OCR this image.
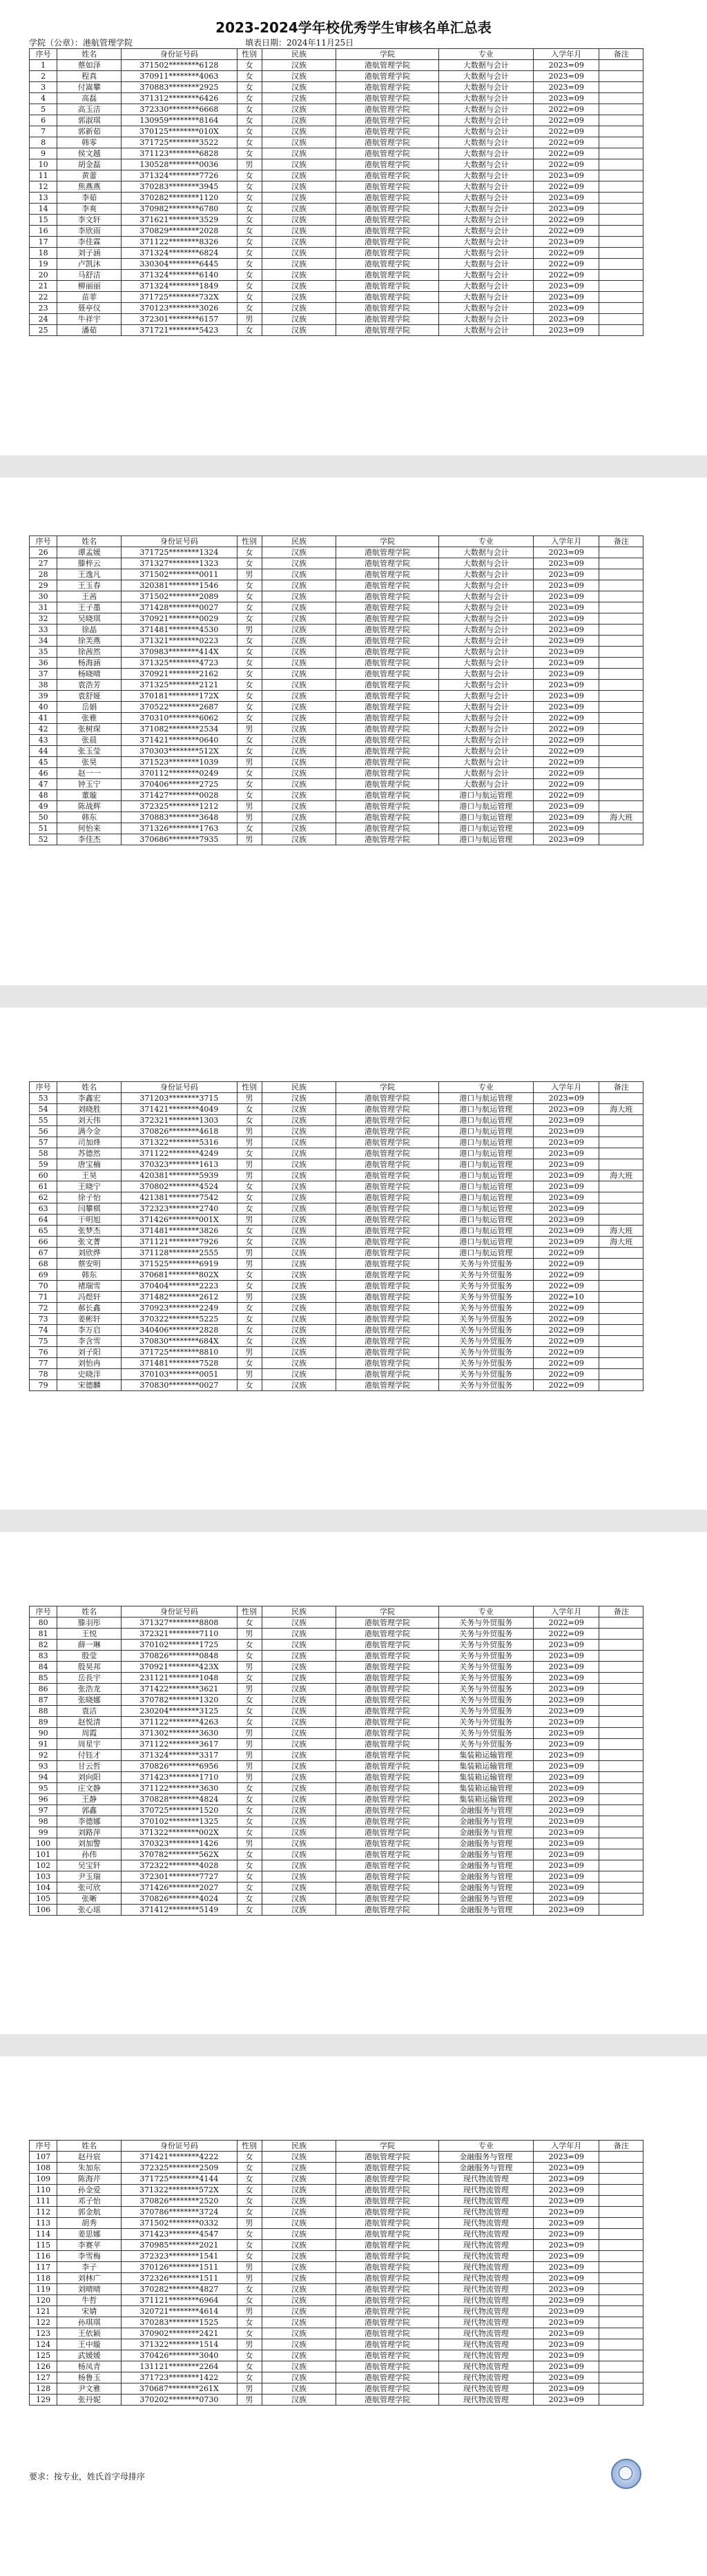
2023-2024学年校优秀学生审核名单汇总表
学院（公章）：港航管理学院	填表日期：2024年11月25日
序号	姓名	身份证号码	性别	民族	学院	专业	入学年月	备注
1	蔡如泽	371502********6128	女	汉族	港航管理学院	大数据与会计	2023=09	
2	程真	370911********4063	女	汉族	港航管理学院	大数据与会计	2023=09	
3	付嵩攀	370883********2925	女	汉族	港航管理学院	大数据与会计	2023=09	
4	高磊	371312********6426	女	汉族	港航管理学院	大数据与会计	2023=09	
5	高玉洁	372330********6668	女	汉族	港航管理学院	大数据与会计	2022=09	
6	郭淑琪	130959********8164	女	汉族	港航管理学院	大数据与会计	2022=09	
7	郭新茹	370125********010X	女	汉族	港航管理学院	大数据与会计	2022=09	
8	韩零	371725********3522	女	汉族	港航管理学院	大数据与会计	2022=09	
9	侯文越	371123********6828	女	汉族	港航管理学院	大数据与会计	2022=09	
10	胡金磊	130528********0036	男	汉族	港航管理学院	大数据与会计	2022=09	
11	黄蕾	371324********7726	女	汉族	港航管理学院	大数据与会计	2023=09	
12	焦燕燕	370283********3945	女	汉族	港航管理学院	大数据与会计	2022=09	
13	李茹	370282********1120	女	汉族	港航管理学院	大数据与会计	2023=09	
14	李爽	370982********6780	女	汉族	港航管理学院	大数据与会计	2023=09	
15	李文轩	371621********3529	女	汉族	港航管理学院	大数据与会计	2022=09	
16	李欣雨	370829********2028	女	汉族	港航管理学院	大数据与会计	2022=09	
17	李佳霖	371122********8326	女	汉族	港航管理学院	大数据与会计	2023=09	
18	刘子涵	371324********6824	女	汉族	港航管理学院	大数据与会计	2022=09	
19	卢凯沐	330304********6445	女	汉族	港航管理学院	大数据与会计	2022=09	
20	马舒洁	371324********6140	女	汉族	港航管理学院	大数据与会计	2022=09	
21	柳丽丽	371324********1849	女	汉族	港航管理学院	大数据与会计	2023=09	
22	苗菲	371725********732X	女	汉族	港航管理学院	大数据与会计	2023=09	
23	聂亭仪	370123********3026	女	汉族	港航管理学院	大数据与会计	2023=09	
24	牛祥宇	372301********6157	男	汉族	港航管理学院	大数据与会计	2023=09	
25	潘茹	371721********5423	女	汉族	港航管理学院	大数据与会计	2023=09	
序号	姓名	身份证号码	性别	民族	学院	专业	入学年月	备注
26	谭孟媛	371725********1324	女	汉族	港航管理学院	大数据与会计	2023=09	
27	滕梓云	371327********1323	女	汉族	港航管理学院	大数据与会计	2023=09	
28	王逸凡	371502********0011	男	汉族	港航管理学院	大数据与会计	2023=09	
29	王玉春	320381********1546	女	汉族	港航管理学院	大数据与会计	2023=09	
30	王茜	371502********2089	女	汉族	港航管理学院	大数据与会计	2023=09	
31	王子墨	371428********0027	女	汉族	港航管理学院	大数据与会计	2023=09	
32	吴晓琪	370921********0029	女	汉族	港航管理学院	大数据与会计	2023=09	
33	徐晶	371481********4530	男	汉族	港航管理学院	大数据与会计	2023=09	
34	徐芙燕	371321********0223	女	汉族	港航管理学院	大数据与会计	2023=09	
35	徐茜然	370983********414X	女	汉族	港航管理学院	大数据与会计	2023=09	
36	杨海涵	371325********4723	女	汉族	港航管理学院	大数据与会计	2023=09	
37	杨晓晴	370921********2162	女	汉族	港航管理学院	大数据与会计	2023=09	
38	袁浩芳	371325********2121	女	汉族	港航管理学院	大数据与会计	2023=09	
39	袁舒娅	370181********172X	女	汉族	港航管理学院	大数据与会计	2023=09	
40	岳娟	370522********2687	女	汉族	港航管理学院	大数据与会计	2023=09	
41	张雅	370310********6062	女	汉族	港航管理学院	大数据与会计	2022=09	
42	张树琛	371082********2534	男	汉族	港航管理学院	大数据与会计	2022=09	
43	张晨	371421********0640	女	汉族	港航管理学院	大数据与会计	2022=09	
44	张玉莹	370303********512X	女	汉族	港航管理学院	大数据与会计	2022=09	
45	张昊	371523********1039	男	汉族	港航管理学院	大数据与会计	2022=09	
46	赵一一	370112********0249	女	汉族	港航管理学院	大数据与会计	2022=09	
47	钟玉宁	370406********2725	女	汉族	港航管理学院	大数据与会计	2022=09	
48	董璇	371427********0028	女	汉族	港航管理学院	港口与航运管理	2022=09	
49	陈战辉	372325********1212	男	汉族	港航管理学院	港口与航运管理	2023=09	
50	韩东	370883********3648	男	汉族	港航管理学院	港口与航运管理	2023=09	海大班
51	何怡来	371326********1763	女	汉族	港航管理学院	港口与航运管理	2023=09	
52	李佳杰	370686********7935	男	汉族	港航管理学院	港口与航运管理	2023=09	
序号	姓名	身份证号码	性别	民族	学院	专业	入学年月	备注
53	李鑫宏	371203********3715	男	汉族	港航管理学院	港口与航运管理	2023=09	
54	刘晓胜	371421********4049	女	汉族	港航管理学院	港口与航运管理	2023=09	海大班
55	刘天伟	372321********1303	女	汉族	港航管理学院	港口与航运管理	2023=09	
56	满今金	370826********4618	男	汉族	港航管理学院	港口与航运管理	2023=09	
57	司加烽	371322********5316	男	汉族	港航管理学院	港口与航运管理	2023=09	
58	苏德然	371122********4249	女	汉族	港航管理学院	港口与航运管理	2023=09	
59	唐宝楠	370323********1613	男	汉族	港航管理学院	港口与航运管理	2023=09	
60	王昊	420381********5939	男	汉族	港航管理学院	港口与航运管理	2023=09	海大班
61	王晓宁	370802********4524	女	汉族	港航管理学院	港口与航运管理	2023=09	
62	徐子怡	421381********7542	女	汉族	港航管理学院	港口与航运管理	2023=09	
63	闫攀棋	372323********2740	女	汉族	港航管理学院	港口与航运管理	2023=09	
64	于明旭	371426********001X	男	汉族	港航管理学院	港口与航运管理	2023=09	
65	张梦杰	371481********3826	女	汉族	港航管理学院	港口与航运管理	2023=09	海大班
66	张文菁	371121********7926	女	汉族	港航管理学院	港口与航运管理	2023=09	海大班
67	刘欣烨	371128********2555	男	汉族	港航管理学院	港口与航运管理	2022=09	
68	蔡安明	371525********6919	男	汉族	港航管理学院	关务与外贸服务	2022=09	
69	韩东	370681********802X	女	汉族	港航管理学院	关务与外贸服务	2022=09	
70	褚瑞雪	370404********2223	女	汉族	港航管理学院	关务与外贸服务	2022=09	
71	冯煜轩	371482********2612	男	汉族	港航管理学院	关务与外贸服务	2022=10	
72	郝长鑫	370923********2249	女	汉族	港航管理学院	关务与外贸服务	2022=09	
73	姜彬轩	370322********5225	女	汉族	港航管理学院	关务与外贸服务	2022=09	
74	李万启	340406********2828	女	汉族	港航管理学院	关务与外贸服务	2022=09	
75	李含雪	370830********684X	女	汉族	港航管理学院	关务与外贸服务	2022=09	
76	刘子阳	371725********8810	男	汉族	港航管理学院	关务与外贸服务	2022=09	
77	刘怡冉	371481********7528	女	汉族	港航管理学院	关务与外贸服务	2022=09	
78	史晓洋	370103********0051	男	汉族	港航管理学院	关务与外贸服务	2022=09	
79	宋德麟	370830********0027	女	汉族	港航管理学院	关务与外贸服务	2022=09	
序号	姓名	身份证号码	性别	民族	学院	专业	入学年月	备注
80	滕羽彤	371327********8808	女	汉族	港航管理学院	关务与外贸服务	2022=09	
81	王悦	372321********7110	男	汉族	港航管理学院	关务与外贸服务	2022=09	
82	薛一琳	370102********1725	女	汉族	港航管理学院	关务与外贸服务	2023=09	
83	殷莹	370826********0848	女	汉族	港航管理学院	关务与外贸服务	2023=09	
84	殷昊邦	370921********423X	男	汉族	港航管理学院	关务与外贸服务	2023=09	
85	岳長宇	231121********1048	女	汉族	港航管理学院	关务与外贸服务	2023=09	
86	张浩龙	371422********3621	男	汉族	港航管理学院	关务与外贸服务	2023=09	
87	张晓娜	370782********1320	女	汉族	港航管理学院	关务与外贸服务	2023=09	
88	袁洁	230204********3125	女	汉族	港航管理学院	关务与外贸服务	2023=09	
89	赵悦清	371122********4263	女	汉族	港航管理学院	关务与外贸服务	2023=09	
90	周霞	371302********3630	男	汉族	港航管理学院	关务与外贸服务	2023=09	
91	周星宇	371122********3617	男	汉族	港航管理学院	关务与外贸服务	2023=09	
92	付钰才	371324********3317	男	汉族	港航管理学院	集装箱运输管理	2023=09	
93	甘云哲	370826********6956	男	汉族	港航管理学院	集装箱运输管理	2023=09	
94	刘向阳	371423********1710	男	汉族	港航管理学院	集装箱运输管理	2023=09	
95	庄文静	371122********3630	女	汉族	港航管理学院	集装箱运输管理	2023=09	
96	王静	370828********4824	女	汉族	港航管理学院	集装箱运输管理	2023=09	
97	郭鑫	370725********1520	女	汉族	港航管理学院	金融服务与管理	2023=09	
98	李德娜	370102********1325	女	汉族	港航管理学院	金融服务与管理	2023=09	
99	刘路萍	371322********002X	女	汉族	港航管理学院	金融服务与管理	2023=09	
100	刘加警	370323********1426	男	汉族	港航管理学院	金融服务与管理	2023=09	
101	孙伟	370782********562X	女	汉族	港航管理学院	金融服务与管理	2023=09	
102	吴宝轩	372322********4028	女	汉族	港航管理学院	金融服务与管理	2023=09	
103	尹玉瑞	372301********7727	女	汉族	港航管理学院	金融服务与管理	2023=09	
104	张可欣	371426********2027	女	汉族	港航管理学院	金融服务与管理	2023=09	
105	张晰	370826********4024	女	汉族	港航管理学院	金融服务与管理	2023=09	
106	张心瑶	371412********5149	女	汉族	港航管理学院	金融服务与管理	2023=09	
序号	姓名	身份证号码	性别	民族	学院	专业	入学年月	备注
107	赵丹宸	371421********4222	女	汉族	港航管理学院	金融服务与管理	2023=09	
108	朱加东	372325********2509	女	汉族	港航管理学院	金融服务与管理	2023=09	
109	陈海芹	371725********4144	女	汉族	港航管理学院	现代物流管理	2023=09	
110	孙金爱	371322********572X	女	汉族	港航管理学院	现代物流管理	2023=09	
111	邓子怡	370826********2520	女	汉族	港航管理学院	现代物流管理	2023=09	
112	郭金航	370786********3724	女	汉族	港航管理学院	现代物流管理	2023=09	
113	胡秀	371502********0332	男	汉族	港航管理学院	现代物流管理	2023=09	
114	姜思娜	371423********4547	女	汉族	港航管理学院	现代物流管理	2023=09	
115	李赛苹	370985********2021	女	汉族	港航管理学院	现代物流管理	2023=09	
116	李雪梅	372323********1541	女	汉族	港航管理学院	现代物流管理	2023=09	
117	李子	370126********1511	男	汉族	港航管理学院	现代物流管理	2023=09	
118	刘林广	372326********1511	男	汉族	港航管理学院	现代物流管理	2023=09	
119	刘晴晴	370282********4827	女	汉族	港航管理学院	现代物流管理	2023=09	
120	牛哲	371121********6964	女	汉族	港航管理学院	现代物流管理	2023=09	
121	宋婧	320721********4614	男	汉族	港航管理学院	现代物流管理	2023=09	
122	孙琪琪	370283********1525	女	汉族	港航管理学院	现代物流管理	2023=09	
123	王依颖	370902********2421	女	汉族	港航管理学院	现代物流管理	2023=09	
124	王中璇	371322********1514	男	汉族	港航管理学院	现代物流管理	2023=09	
125	武媛媛	370426********3040	女	汉族	港航管理学院	现代物流管理	2023=09	
126	杨凤青	131121********2264	女	汉族	港航管理学院	现代物流管理	2023=09	
127	杨鲁玉	371723********1422	女	汉族	港航管理学院	现代物流管理	2023=09	
128	尹文雅	370687********261X	男	汉族	港航管理学院	现代物流管理	2023=09	
129	张丹妮	370202********0730	男	汉族	港航管理学院	现代物流管理	2023=09	
要求：按专业，姓氏首字母排序
